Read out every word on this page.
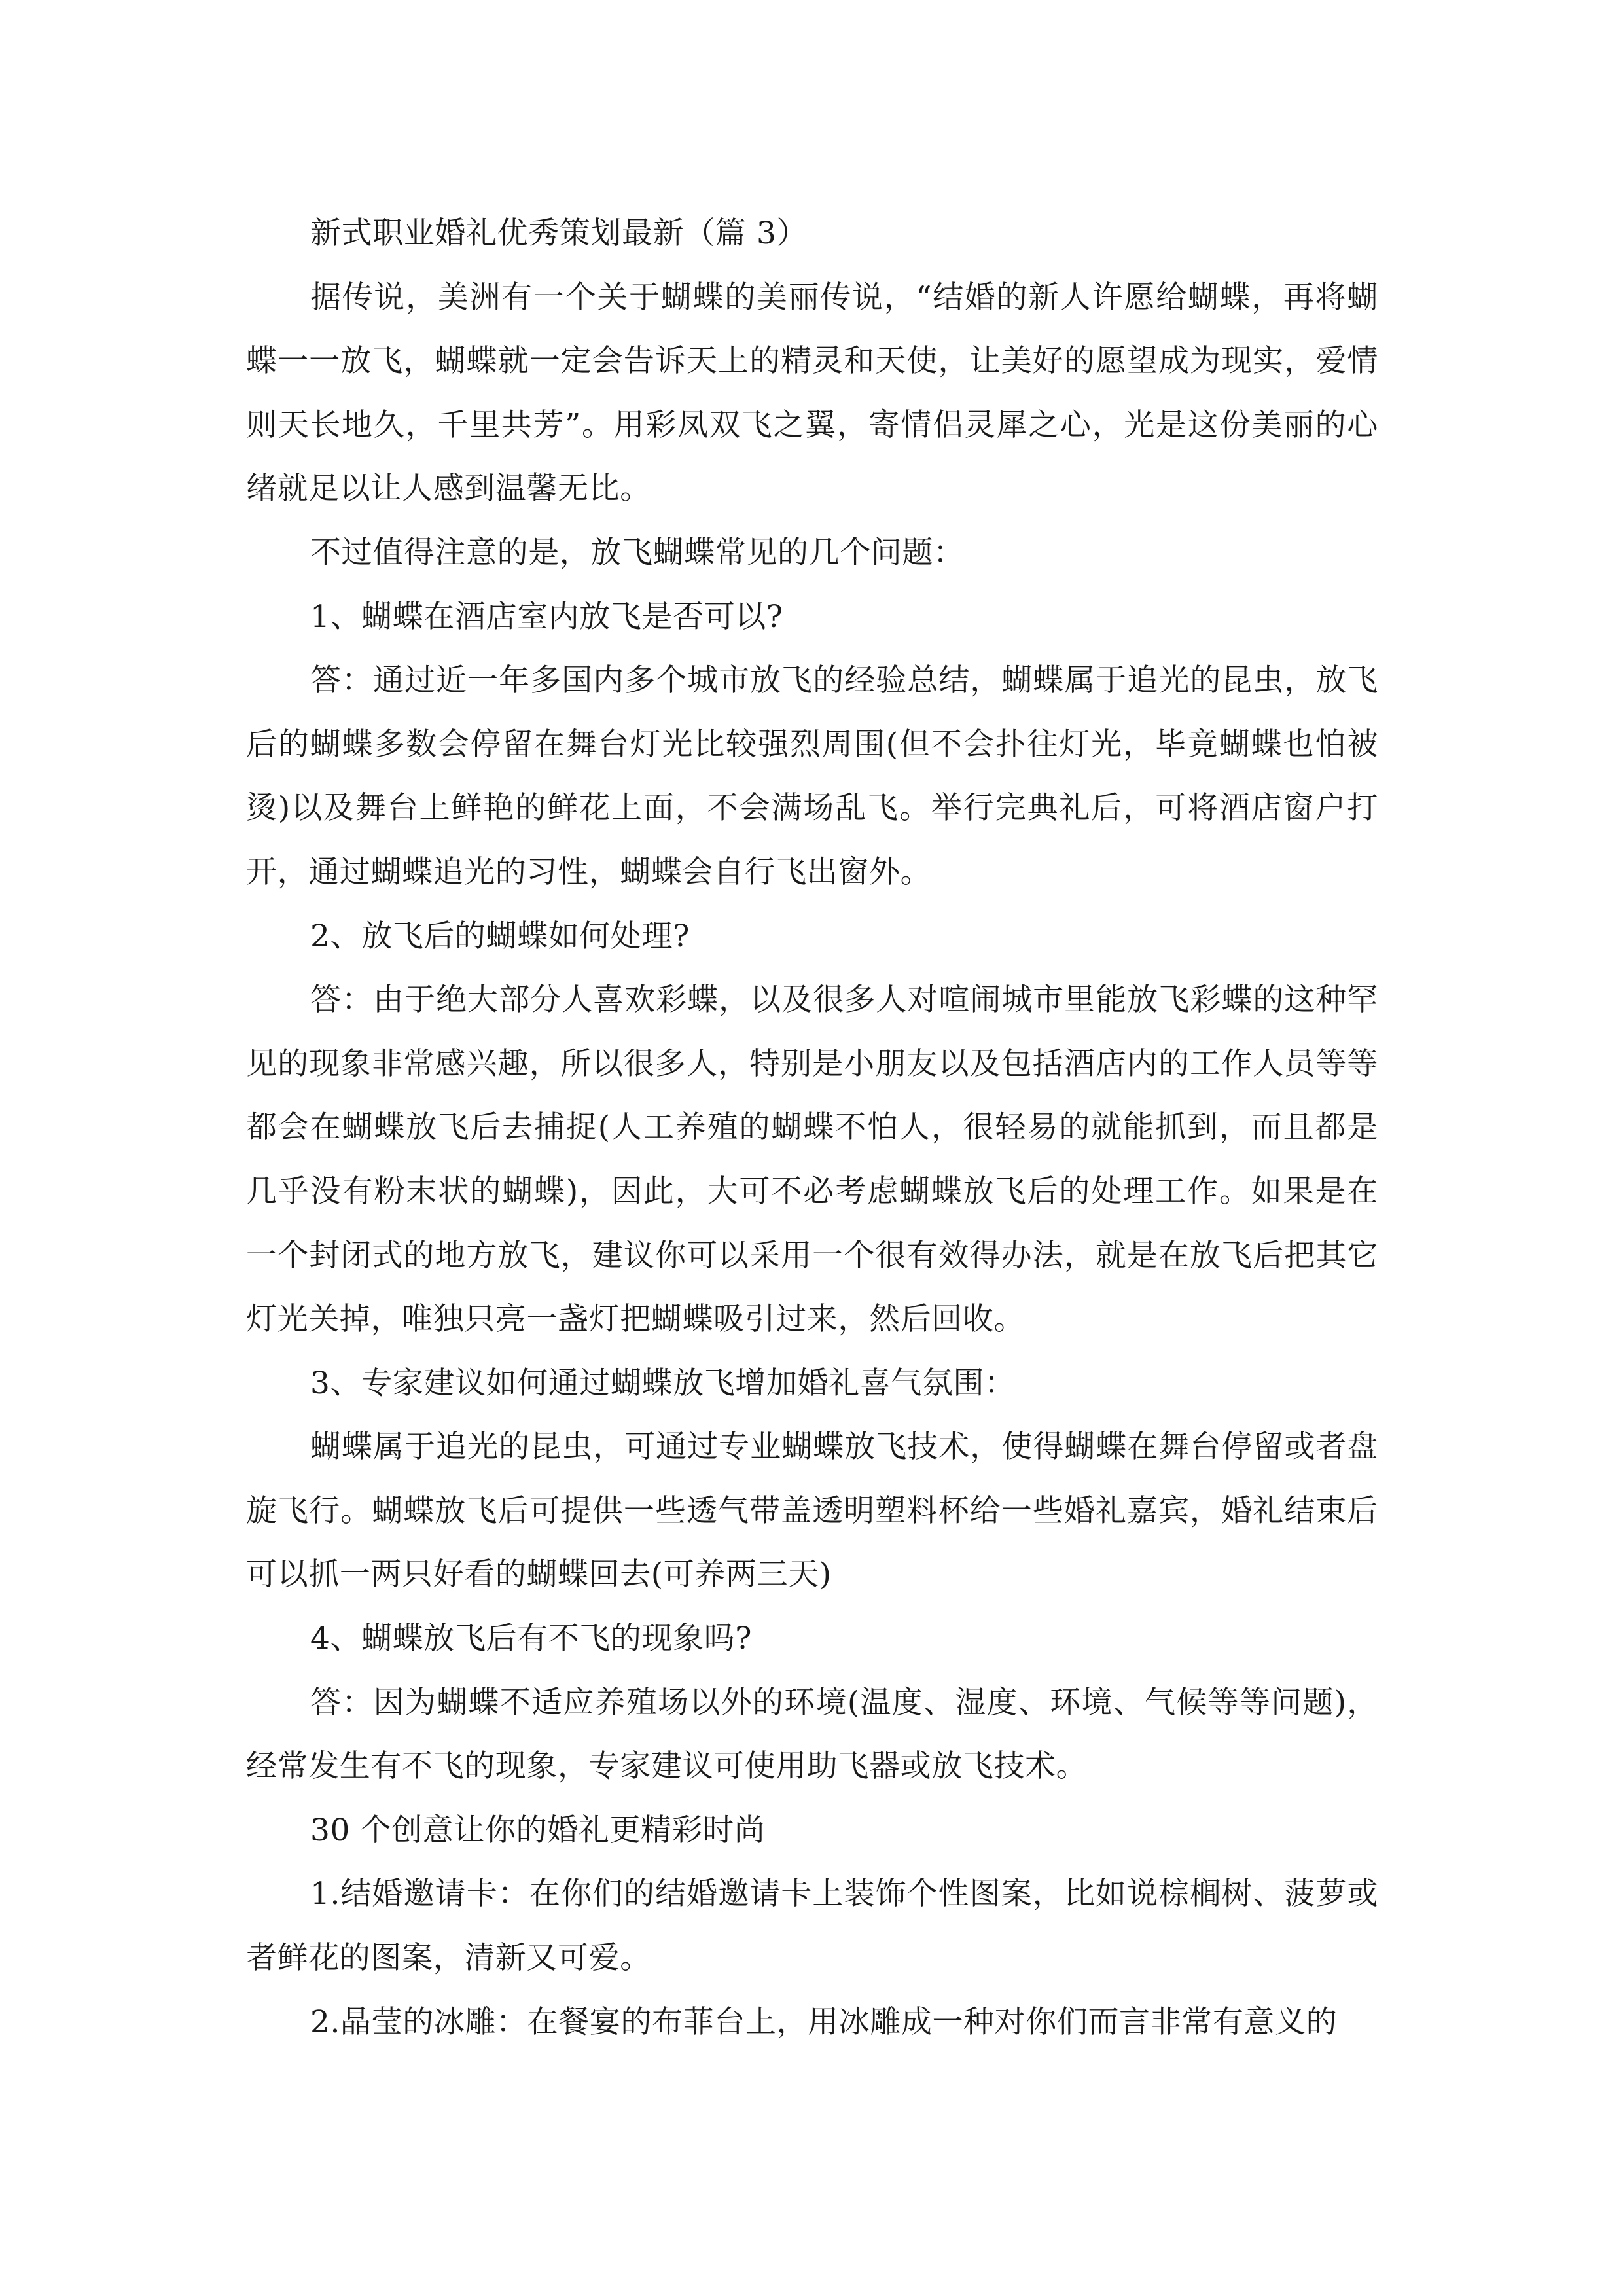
新式职业婚礼优秀策划最新（篇 3）

据传说，美洲有一个关于蝴蝶的美丽传说，“结婚的新人许愿给蝴蝶，再将蝴蝶一一放飞，蝴蝶就一定会告诉天上的精灵和天使，让美好的愿望成为现实，爱情则天长地久，千里共芳”。用彩凤双飞之翼，寄情侣灵犀之心，光是这份美丽的心绪就足以让人感到温馨无比。

不过值得注意的是，放飞蝴蝶常见的几个问题：

1、蝴蝶在酒店室内放飞是否可以?

答：通过近一年多国内多个城市放飞的经验总结，蝴蝶属于追光的昆虫，放飞后的蝴蝶多数会停留在舞台灯光比较强烈周围(但不会扑往灯光，毕竟蝴蝶也怕被烫)以及舞台上鲜艳的鲜花上面，不会满场乱飞。举行完典礼后，可将酒店窗户打开，通过蝴蝶追光的习性，蝴蝶会自行飞出窗外。

2、放飞后的蝴蝶如何处理?

答：由于绝大部分人喜欢彩蝶，以及很多人对喧闹城市里能放飞彩蝶的这种罕见的现象非常感兴趣，所以很多人，特别是小朋友以及包括酒店内的工作人员等等都会在蝴蝶放飞后去捕捉(人工养殖的蝴蝶不怕人，很轻易的就能抓到，而且都是几乎没有粉末状的蝴蝶)，因此，大可不必考虑蝴蝶放飞后的处理工作。如果是在一个封闭式的地方放飞，建议你可以采用一个很有效得办法，就是在放飞后把其它灯光关掉，唯独只亮一盏灯把蝴蝶吸引过来，然后回收。

3、专家建议如何通过蝴蝶放飞增加婚礼喜气氛围：

蝴蝶属于追光的昆虫，可通过专业蝴蝶放飞技术，使得蝴蝶在舞台停留或者盘旋飞行。蝴蝶放飞后可提供一些透气带盖透明塑料杯给一些婚礼嘉宾，婚礼结束后可以抓一两只好看的蝴蝶回去(可养两三天)

4、蝴蝶放飞后有不飞的现象吗?

答：因为蝴蝶不适应养殖场以外的环境(温度、湿度、环境、气候等等问题)，经常发生有不飞的现象，专家建议可使用助飞器或放飞技术。

30 个创意让你的婚礼更精彩时尚

1.结婚邀请卡：在你们的结婚邀请卡上装饰个性图案，比如说棕榈树、菠萝或者鲜花的图案，清新又可爱。

2.晶莹的冰雕：在餐宴的布菲台上，用冰雕成一种对你们而言非常有意义的
